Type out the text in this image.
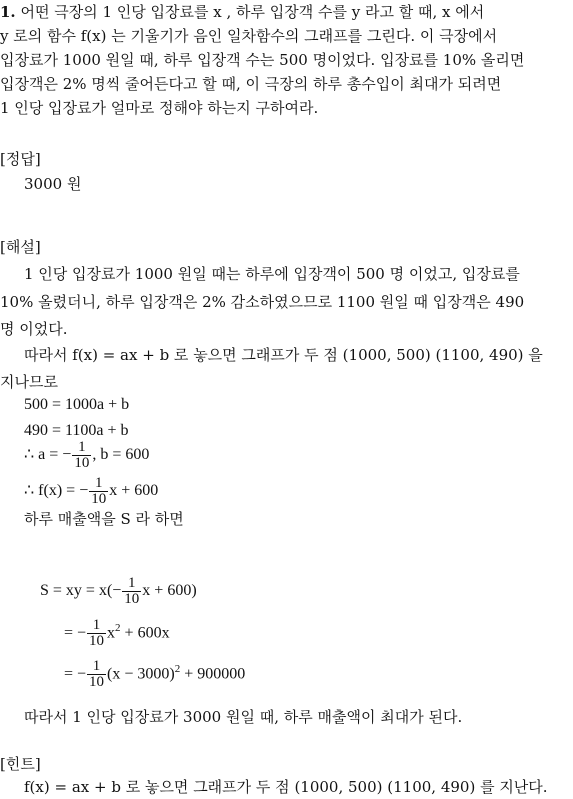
1. 어떤 극장의 1 인당 입장료를 x , 하루 입장객 수를 y 라고 할 때, x 에서
y 로의 함수 f(x) 는 기울기가 음인 일차함수의 그래프를 그린다. 이 극장에서
입장료가 1000 원일 때, 하루 입장객 수는 500 명이었다. 입장료를 10% 올리면
입장객은 2% 명씩 줄어든다고 할 때, 이 극장의 하루 총수입이 최대가 되려면
1 인당 입장료가 얼마로 정해야 하는지 구하여라.
[정답]
3000 원
[해설]
1 인당 입장료가 1000 원일 때는 하루에 입장객이 500 명 이었고, 입장료를
10% 올렸더니, 하루 입장객은 2% 감소하였으므로 1100 원일 때 입장객은 490
명 이었다.
따라서 f(x) = ax + b 로 놓으면 그래프가 두 점 (1000, 500) (1100, 490) 을
지나므로
500 = 1000a + b
490 = 1100a + b
∴ a = − $\frac{1}{10}$ , b = 600
∴ f(x) = − $\frac{1}{10}$ x + 600
하루 매출액을 S 라 하면
S = xy = $x(- \frac{1}{10}$ x + 600)
= − $\frac{1}{10} x^2 + 600x$
= − $\frac{1}{10} (x - 3000)^2 + 900000$
따라서 1 인당 입장료가 3000 원일 때, 하루 매출액이 최대가 된다.
[힌트]
f(x) = ax + b 로 놓으면 그래프가 두 점 (1000, 500) (1100, 490) 를 지난다.
